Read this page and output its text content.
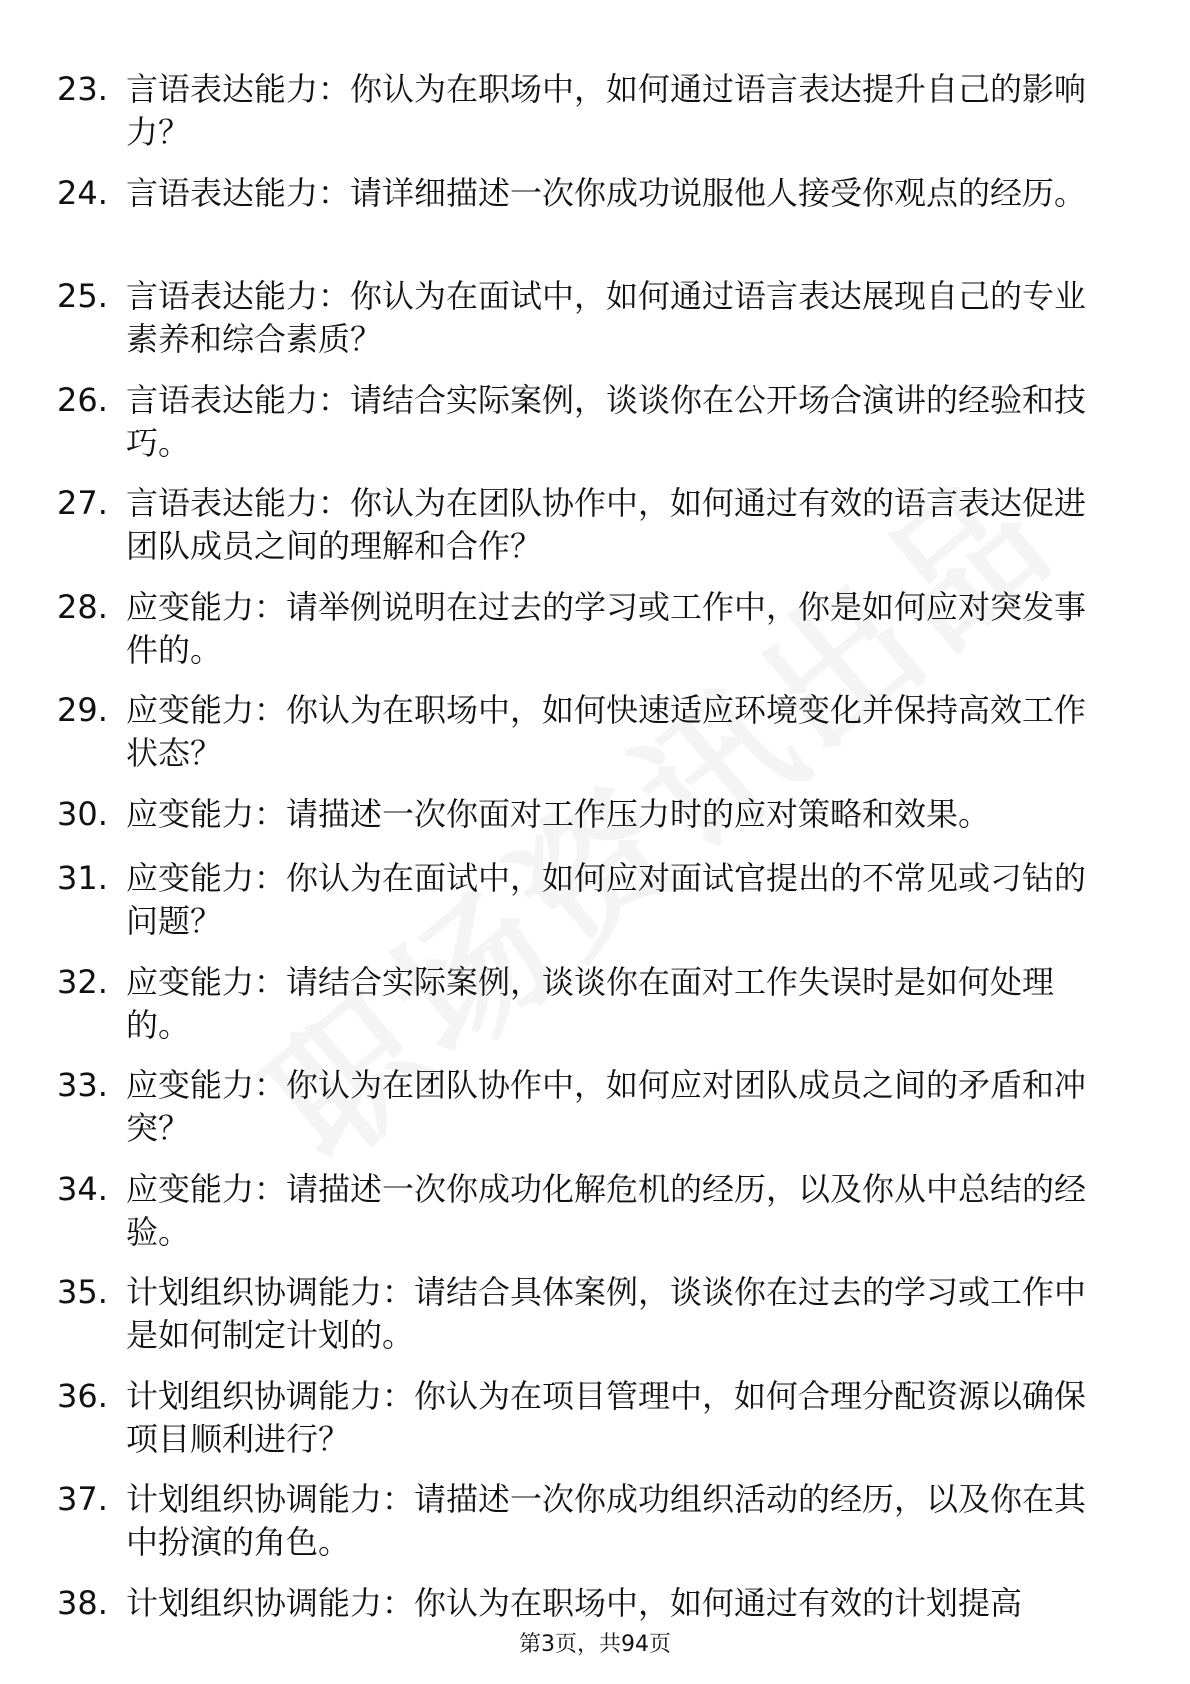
23. 言语表达能力：你认为在职场中，如何通过语言表达提升自己的影响力？
24. 言语表达能力：请详细描述一次你成功说服他人接受你观点的经历。
25. 言语表达能力：你认为在面试中，如何通过语言表达展现自己的专业素养和综合素质？
26. 言语表达能力：请结合实际案例，谈谈你在公开场合演讲的经验和技巧。
27. 言语表达能力：你认为在团队协作中，如何通过有效的语言表达促进团队成员之间的理解和合作？
28. 应变能力：请举例说明在过去的学习或工作中，你是如何应对突发事件的。
29. 应变能力：你认为在职场中，如何快速适应环境变化并保持高效工作状态？
30. 应变能力：请描述一次你面对工作压力时的应对策略和效果。
31. 应变能力：你认为在面试中，如何应对面试官提出的不常见或刁钻的问题？
32. 应变能力：请结合实际案例，谈谈你在面对工作失误时是如何处理的。
33. 应变能力：你认为在团队协作中，如何应对团队成员之间的矛盾和冲突？
34. 应变能力：请描述一次你成功化解危机的经历，以及你从中总结的经验。
35. 计划组织协调能力：请结合具体案例，谈谈你在过去的学习或工作中是如何制定计划的。
36. 计划组织协调能力：你认为在项目管理中，如何合理分配资源以确保项目顺利进行？
37. 计划组织协调能力：请描述一次你成功组织活动的经历，以及你在其中扮演的角色。
38. 计划组织协调能力：你认为在职场中，如何通过有效的计划提高
第3页，共94页
